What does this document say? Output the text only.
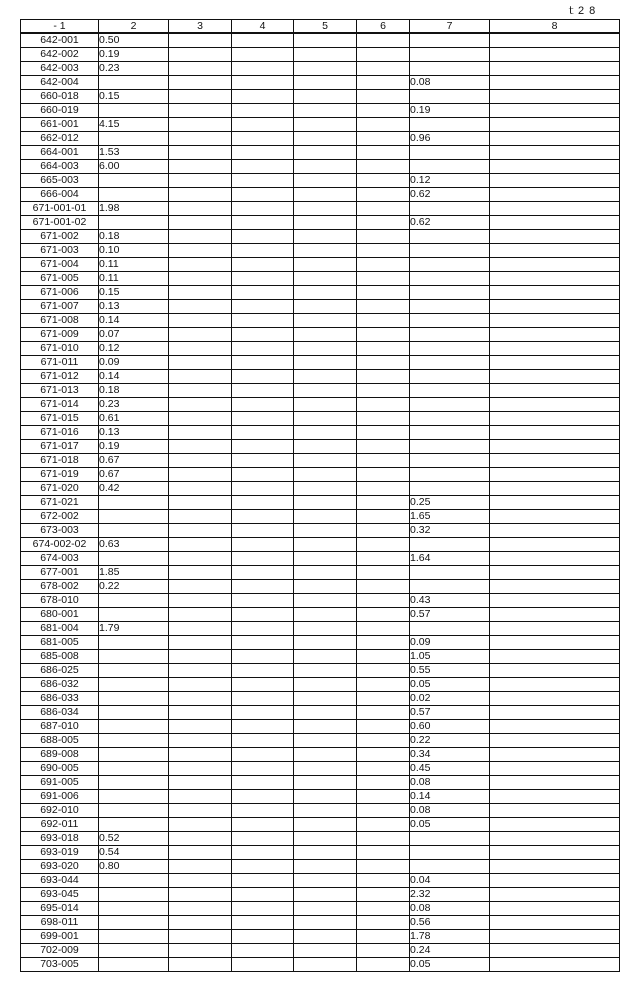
ｔ2 8
- 1	2	3	4	5	6	7	8
642-001	0.50						
642-002	0.19						
642-003	0.23						
642-004						0.08	
660-018	0.15						
660-019						0.19	
661-001	4.15						
662-012						0.96	
664-001	1.53						
664-003	6.00						
665-003						0.12	
666-004						0.62	
671-001-01	1.98						
671-001-02						0.62	
671-002	0.18						
671-003	0.10						
671-004	0.11						
671-005	0.11						
671-006	0.15						
671-007	0.13						
671-008	0.14						
671-009	0.07						
671-010	0.12						
671-011	0.09						
671-012	0.14						
671-013	0.18						
671-014	0.23						
671-015	0.61						
671-016	0.13						
671-017	0.19						
671-018	0.67						
671-019	0.67						
671-020	0.42						
671-021						0.25	
672-002						1.65	
673-003						0.32	
674-002-02	0.63						
674-003						1.64	
677-001	1.85						
678-002	0.22						
678-010						0.43	
680-001						0.57	
681-004	1.79						
681-005						0.09	
685-008						1.05	
686-025						0.55	
686-032						0.05	
686-033						0.02	
686-034						0.57	
687-010						0.60	
688-005						0.22	
689-008						0.34	
690-005						0.45	
691-005						0.08	
691-006						0.14	
692-010						0.08	
692-011						0.05	
693-018	0.52						
693-019	0.54						
693-020	0.80						
693-044						0.04	
693-045						2.32	
695-014						0.08	
698-011						0.56	
699-001						1.78	
702-009						0.24	
703-005						0.05	
